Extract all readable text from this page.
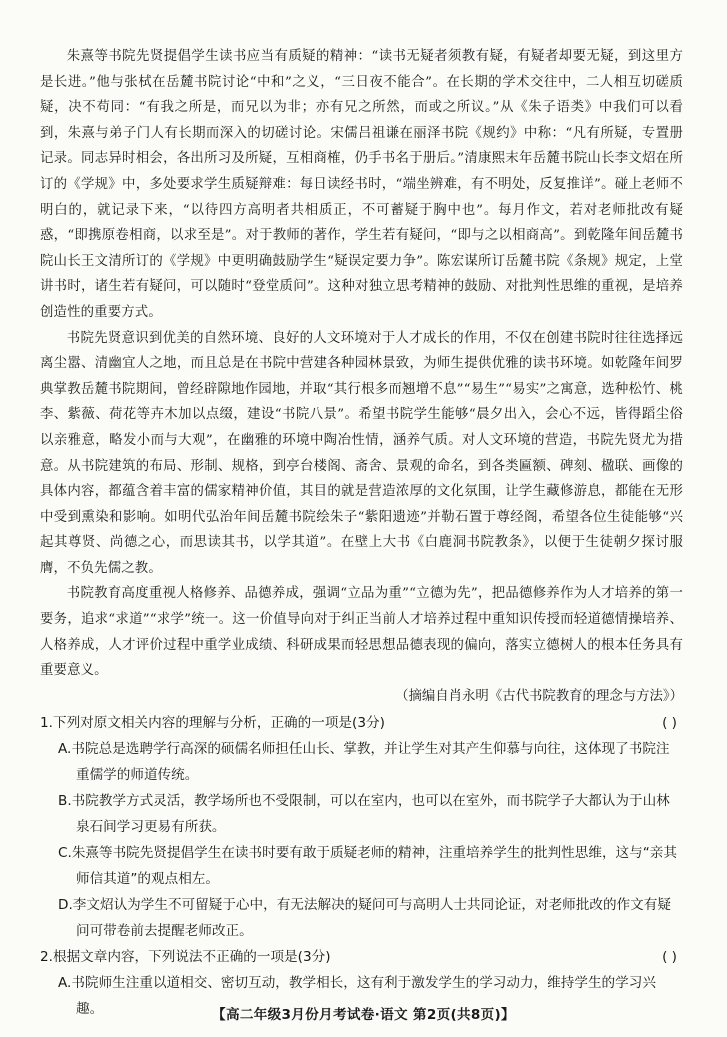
朱熹等书院先贤提倡学生读书应当有质疑的精神：“读书无疑者须教有疑，有疑者却要无疑，到这里方是长进。”他与张栻在岳麓书院讨论“中和”之义，“三日夜不能合”。在长期的学术交往中，二人相互切磋质疑，决不苟同：“有我之所是，而兄以为非；亦有兄之所然，而或之所议。”从《朱子语类》中我们可以看到，朱熹与弟子门人有长期而深入的切磋讨论。宋儒吕祖谦在丽泽书院《规约》中称：“凡有所疑，专置册记录。同志异时相会，各出所习及所疑，互相商榷，仍手书名于册后。”清康熙末年岳麓书院山长李文炤在所订的《学规》中，多处要求学生质疑辩难：每日读经书时，“端坐辨难，有不明处，反复推详”。碰上老师不明白的，就记录下来，“以待四方高明者共相质正，不可蓄疑于胸中也”。每月作文，若对老师批改有疑惑，“即携原卷相商，以求至是”。对于教师的著作，学生若有疑问，“即与之以相商高”。到乾隆年间岳麓书院山长王文清所订的《学规》中更明确鼓励学生“疑误定要力争”。陈宏谋所订岳麓书院《条规》规定，上堂讲书时，诸生若有疑问，可以随时“登堂质问”。这种对独立思考精神的鼓励、对批判性思维的重视，是培养创造性的重要方式。

书院先贤意识到优美的自然环境、良好的人文环境对于人才成长的作用，不仅在创建书院时往往选择远离尘嚣、清幽宜人之地，而且总是在书院中营建各种园林景致，为师生提供优雅的读书环境。如乾隆年间罗典掌教岳麓书院期间，曾经辟隙地作园地，并取“其行根多而翘增不息”“易生”“易实”之寓意，选种松竹、桃李、紫薇、荷花等卉木加以点缀，建设“书院八景”。希望书院学生能够“晨夕出入，会心不远，皆得蹈尘俗以亲雅意，略发小而与大观”，在幽雅的环境中陶冶性情，涵养气质。对人文环境的营造，书院先贤尤为措意。从书院建筑的布局、形制、规格，到亭台楼阁、斋舍、景观的命名，到各类匾额、碑刻、楹联、画像的具体内容，都蕴含着丰富的儒家精神价值，其目的就是营造浓厚的文化氛围，让学生藏修游息，都能在无形中受到熏染和影响。如明代弘治年间岳麓书院绘朱子“紫阳遗迹”并勒石置于尊经阁，希望各位生徒能够“兴起其尊贤、尚德之心，而思读其书，以学其道”。在壁上大书《白鹿洞书院教条》，以便于生徒朝夕探讨服膺，不负先儒之教。

书院教育高度重视人格修养、品德养成，强调“立品为重”“立德为先”，把品德修养作为人才培养的第一要务，追求“求道”“求学”统一。这一价值导向对于纠正当前人才培养过程中重知识传授而轻道德情操培养、人格养成，人才评价过程中重学业成绩、科研成果而轻思想品德表现的偏向，落实立德树人的根本任务具有重要意义。

（摘编自肖永明《古代书院教育的理念与方法》）

1.下列对原文相关内容的理解与分析，正确的一项是(3分)	( )

A.书院总是选聘学行高深的硕儒名师担任山长、掌教，并让学生对其产生仰慕与向往，这体现了书院注重儒学的师道传统。

B.书院教学方式灵活，教学场所也不受限制，可以在室内，也可以在室外，而书院学子大都认为于山林泉石间学习更易有所获。

C.朱熹等书院先贤提倡学生在读书时要有敢于质疑老师的精神，注重培养学生的批判性思维，这与“亲其师信其道”的观点相左。

D.李文炤认为学生不可留疑于心中，有无法解决的疑问可与高明人士共同论证，对老师批改的作文有疑问可带卷前去提醒老师改正。

2.根据文章内容，下列说法不正确的一项是(3分)	( )

A.书院师生注重以道相交、密切互动，教学相长，这有利于激发学生的学习动力，维持学生的学习兴趣。	【高二年级3月份月考试卷·语文 第2页(共8页)】
